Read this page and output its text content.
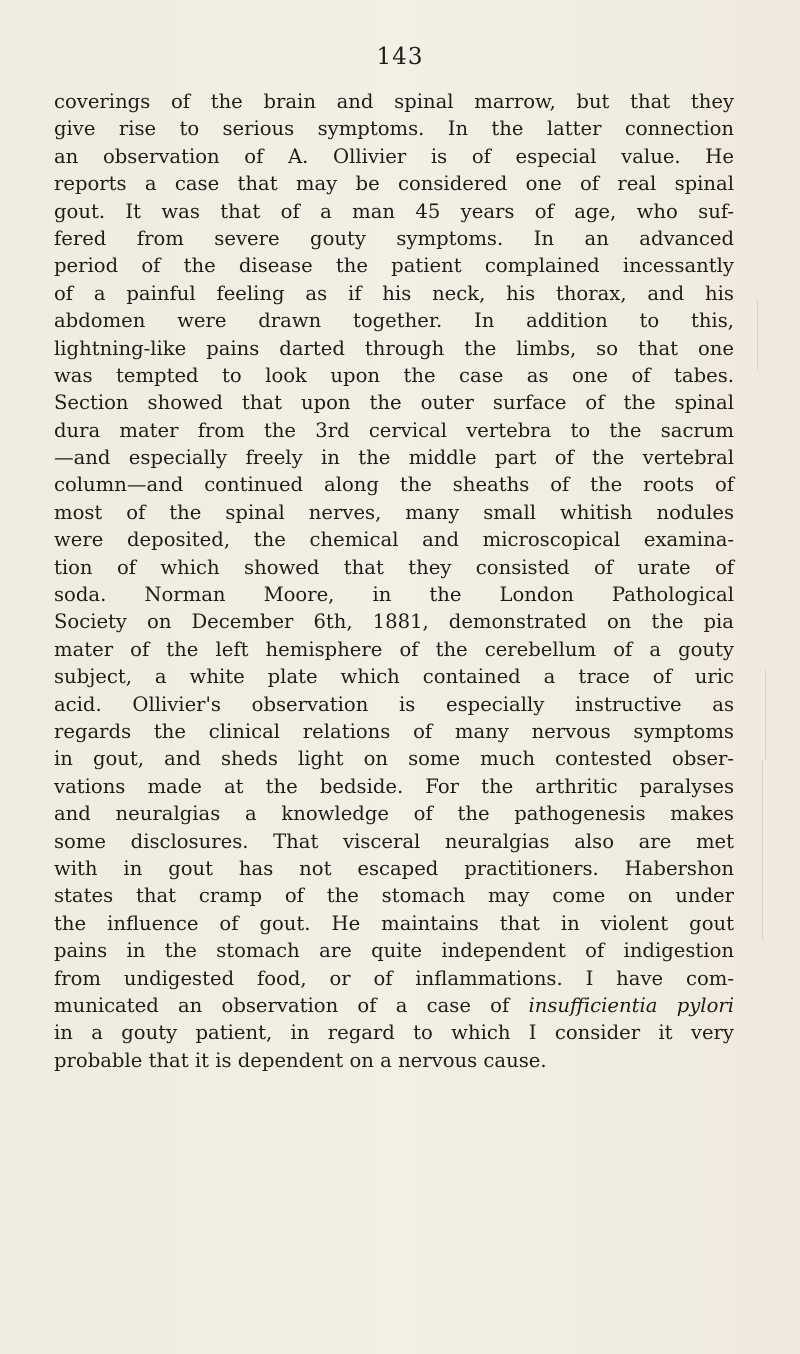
143
coverings of the brain and spinal marrow, but that they
give rise to serious symptoms. In the latter connection
an observation of A. Ollivier is of especial value. He
reports a case that may be considered one of real spinal
gout. It was that of a man 45 years of age, who suf-
fered from severe gouty symptoms. In an advanced
period of the disease the patient complained incessantly
of a painful feeling as if his neck, his thorax, and his
abdomen were drawn together. In addition to this,
lightning-like pains darted through the limbs, so that one
was tempted to look upon the case as one of tabes.
Section showed that upon the outer surface of the spinal
dura mater from the 3rd cervical vertebra to the sacrum
—and especially freely in the middle part of the vertebral
column—and continued along the sheaths of the roots of
most of the spinal nerves, many small whitish nodules
were deposited, the chemical and microscopical examina-
tion of which showed that they consisted of urate of
soda. Norman Moore, in the London Pathological
Society on December 6th, 1881, demonstrated on the pia
mater of the left hemisphere of the cerebellum of a gouty
subject, a white plate which contained a trace of uric
acid. Ollivier's observation is especially instructive as
regards the clinical relations of many nervous symptoms
in gout, and sheds light on some much contested obser-
vations made at the bedside. For the arthritic paralyses
and neuralgias a knowledge of the pathogenesis makes
some disclosures. That visceral neuralgias also are met
with in gout has not escaped practitioners. Habershon
states that cramp of the stomach may come on under
the influence of gout. He maintains that in violent gout
pains in the stomach are quite independent of indigestion
from undigested food, or of inflammations. I have com-
municated an observation of a case of insufficientia pylori
in a gouty patient, in regard to which I consider it very
probable that it is dependent on a nervous cause.
